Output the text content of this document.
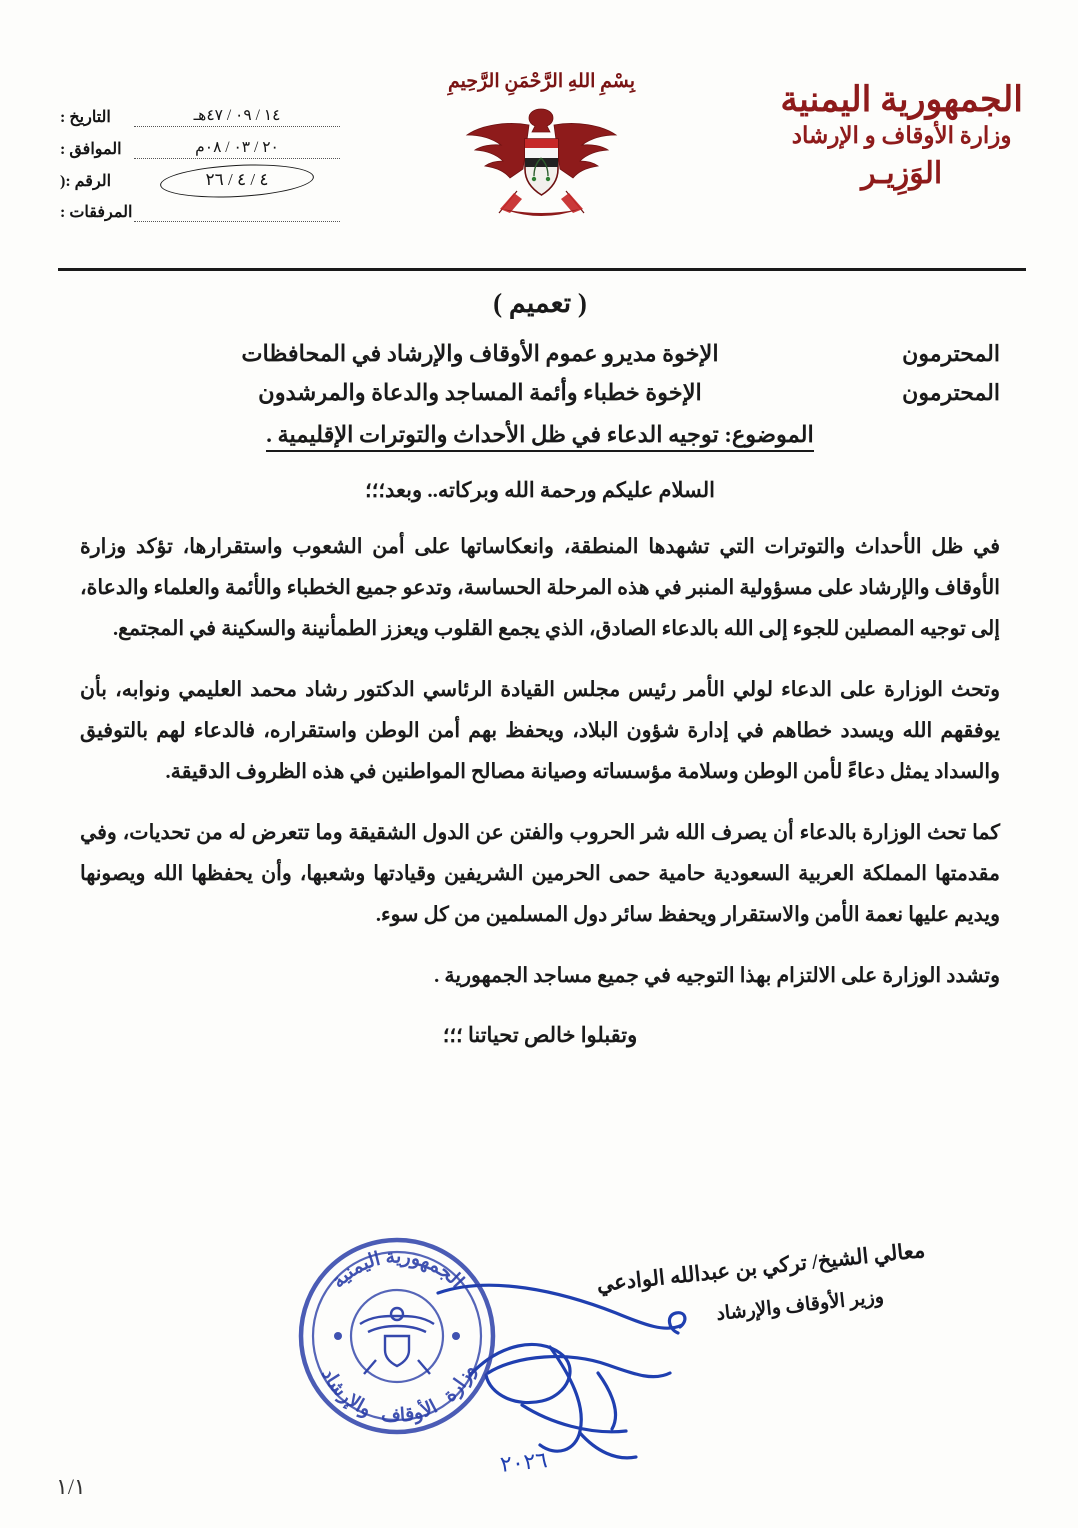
الجمهورية اليمنية
وزارة الأوقاف و الإرشاد
الوَزِيـر
بِسْمِ اللهِ الرَّحْمَنِ الرَّحِيمِ
١٤ / ٠٩ / ٤٧هـ
التاريخ :
٢٠ / ٠٣ / ٠٨م
الموافق :
٤ / ٤ / ٢٦
الرقم :(
المرفقات :
( تعميم )
المحترمون
الإخوة مديرو عموم الأوقاف والإرشاد في المحافظات
المحترمون
الإخوة خطباء وأئمة المساجد والدعاة والمرشدون
الموضوع: توجيه الدعاء في ظل الأحداث والتوترات الإقليمية .
السلام عليكم ورحمة الله وبركاته.. وبعد؛؛؛

في ظل الأحداث والتوترات التي تشهدها المنطقة، وانعكاساتها على أمن الشعوب واستقرارها، تؤكد وزارة الأوقاف والإرشاد على مسؤولية المنبر في هذه المرحلة الحساسة، وتدعو جميع الخطباء والأئمة والعلماء والدعاة، إلى توجيه المصلين للجوء إلى الله بالدعاء الصادق، الذي يجمع القلوب ويعزز الطمأنينة والسكينة في المجتمع.

وتحث الوزارة على الدعاء لولي الأمر رئيس مجلس القيادة الرئاسي الدكتور رشاد محمد العليمي ونوابه، بأن يوفقهم الله ويسدد خطاهم في إدارة شؤون البلاد، ويحفظ بهم أمن الوطن واستقراره، فالدعاء لهم بالتوفيق والسداد يمثل دعاءً لأمن الوطن وسلامة مؤسساته وصيانة مصالح المواطنين في هذه الظروف الدقيقة.

كما تحث الوزارة بالدعاء أن يصرف الله شر الحروب والفتن عن الدول الشقيقة وما تتعرض له من تحديات، وفي مقدمتها المملكة العربية السعودية حامية حمى الحرمين الشريفين وقيادتها وشعبها، وأن يحفظها الله ويصونها ويديم عليها نعمة الأمن والاستقرار ويحفظ سائر دول المسلمين من كل سوء.

وتشدد الوزارة على الالتزام بهذا التوجيه في جميع مساجد الجمهورية .

وتقبلوا خالص تحياتنا ؛؛؛
معالي الشيخ/ تركي بن عبدالله الوادعي
وزير الأوقاف والإرشاد
٢٠٢٦
الجمهورية اليمنية
والإرشاد الأوقاف
وزارة
١/١
